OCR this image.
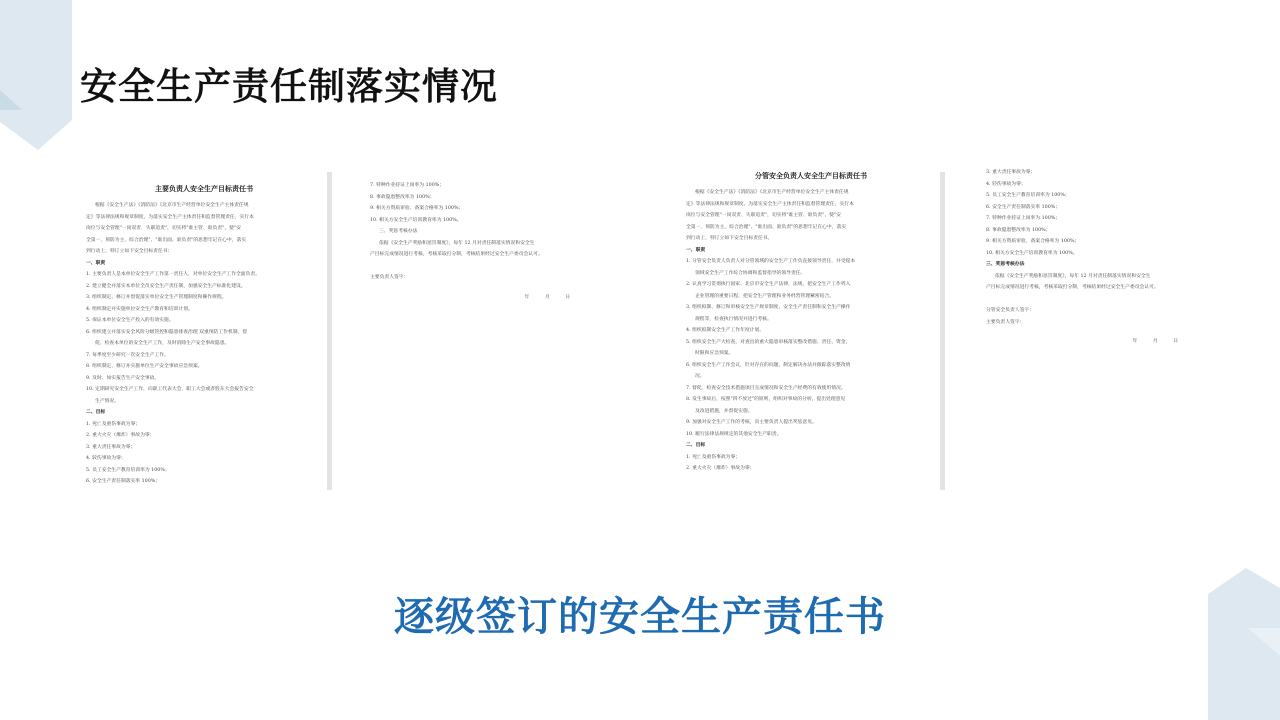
安全生产责任制落实情况
主要负责人安全生产目标责任书
根据《安全生产法》《消防法》《北京市生产经营单位安全生产主体责任规
定》等法律法规和规章制度，为落实安全生产主体责任和监督管理责任，实行本
岗位与安全管理"一岗双责、失职追责"，切实将"谁主管、谁负责"，使"安
全第一、预防为主、综合治理"、"谁出面、谁负责"的思想牢记在心中，落实
到行动上，特订立如下安全目标责任书：
一、职责
1. 主要负责人是本单位安全生产工作第一责任人，对单位安全生产工作全面负责。
2. 建立健全并落实本单位全员安全生产责任制，加强安全生产标准化建设。
3. 组织制定、修订并督促落实单位安全生产管理制度和操作规程。
4. 组织制定并实施单位安全生产教育和培训计划。
5. 保证本单位安全生产投入的有效实施。
6. 组织建立并落实安全风险分级管控和隐患排查治理 双重预防工作机制，督
促、检查本单位的安全生产工作，及时消除生产安全事故隐患。
7. 每季度至少研究一次安全生产工作。
8. 组织制定、修订并实施单位生产安全事故应急预案。
9. 及时、如实报告生产安全事故。
10. 定期研究安全生产工作，向职工代表大会、职工大会或者股东大会报告安全
生产情况。
二、目标
1. 死亡及重伤事故为零；
2. 重大火灾（爆炸）事故为零；
3. 重大责任事故为零；
4. 较伤事故为零；
5. 员工安全生产教育培训率为 100%；
6. 安全生产责任制落实率 100%；
7. 特种作业持证上岗率为 100%；
8. 事故隐患整改率为 100%；
9. 相关方资质审验、备案合格率为 100%；
10. 相关方安全生产培训教育率为 100%。
三、奖惩考核办法
依据《安全生产奖励和惩罚制度》，每年 12 月对责任制落实情况和安全生
产目标完成情况进行考核，考核采取打分制，考核结果经过安全生产委员会认可。

主要负责人签字：
年 月 日
分管安全负责人安全生产目标责任书
根据《安全生产法》《消防法》《北京市生产经营单位安全生产主体责任规
定》等法律法规和规章制度，为落实安全生产主体责任和监督管理责任，实行本
岗位与安全管理"一岗双责、失职追责"，切实将"谁主管、谁负责"，使"安
全第一，预防为主，综合治理"、"谁出面、谁负责"的思想牢记在心中，落实
到行动上，特订立如下安全目标责任书。
一、职责
1. 分管安全负责人负责人对分管领域的安全生产工作负直接领导责任，并受提本
领域安全生产工作综合协调和监督指导的领导责任。
2. 认真学习贯彻执行国家、北京市安全生产法律、法规，把安全生产工作列入
企业管理的重要日程，把安全生产管理和业务经营管理紧密结合。
3. 组织拟制、修订和审核安全生产规章制度、安全生产责任制和安全生产操作
规程等，检查执行情况并进行考核。
4. 组织拟制安全生产工作年度计划。
5. 组织安全生产大检查，对查出的重大隐患审核落实整改措施、责任、资金、
时限和应急预案。
6. 组织安全生产工作会议，针对存在的问题，制定解决办法并跟踪落实整改情
况。
7. 督促、检查安全技术措施项目完成情况和安全生产经费的有效使用情况。
8. 发生事故后，按照"四不放过"的原则，组织对事故的分析，提出处理意见
及改进措施，并督促实施。
9. 加强对安全生产工作的考核，向主要负责人提出奖惩意见。
10. 履行法律法规规定的其他安全生产职责。
二、目标
1. 死亡及重伤事故为零；
2. 重大火灾（爆炸）事故为零；
3. 重大责任事故为零；
4. 轻伤事故为零；
5. 员工安全生产教育培训率为 100%；
6. 安全生产责任制落实率 100%；
7. 特种作业持证上岗率为 100%；
8. 事故隐患整改率为 100%；
9. 相关方资质审验、备案合格率为 100%；
10. 相关方安全生产培训教育率为 100%。
三、奖惩考核办法
依据《安全生产奖励和惩罚制度》，每年 12 月对责任制落实情况和安全生
产目标完成情况进行考核，考核采取打分制，考核结果经过安全生产委员会认可。

分管安全负责人签字：
主要负责人签字：
年 月 日
逐级签订的安全生产责任书
